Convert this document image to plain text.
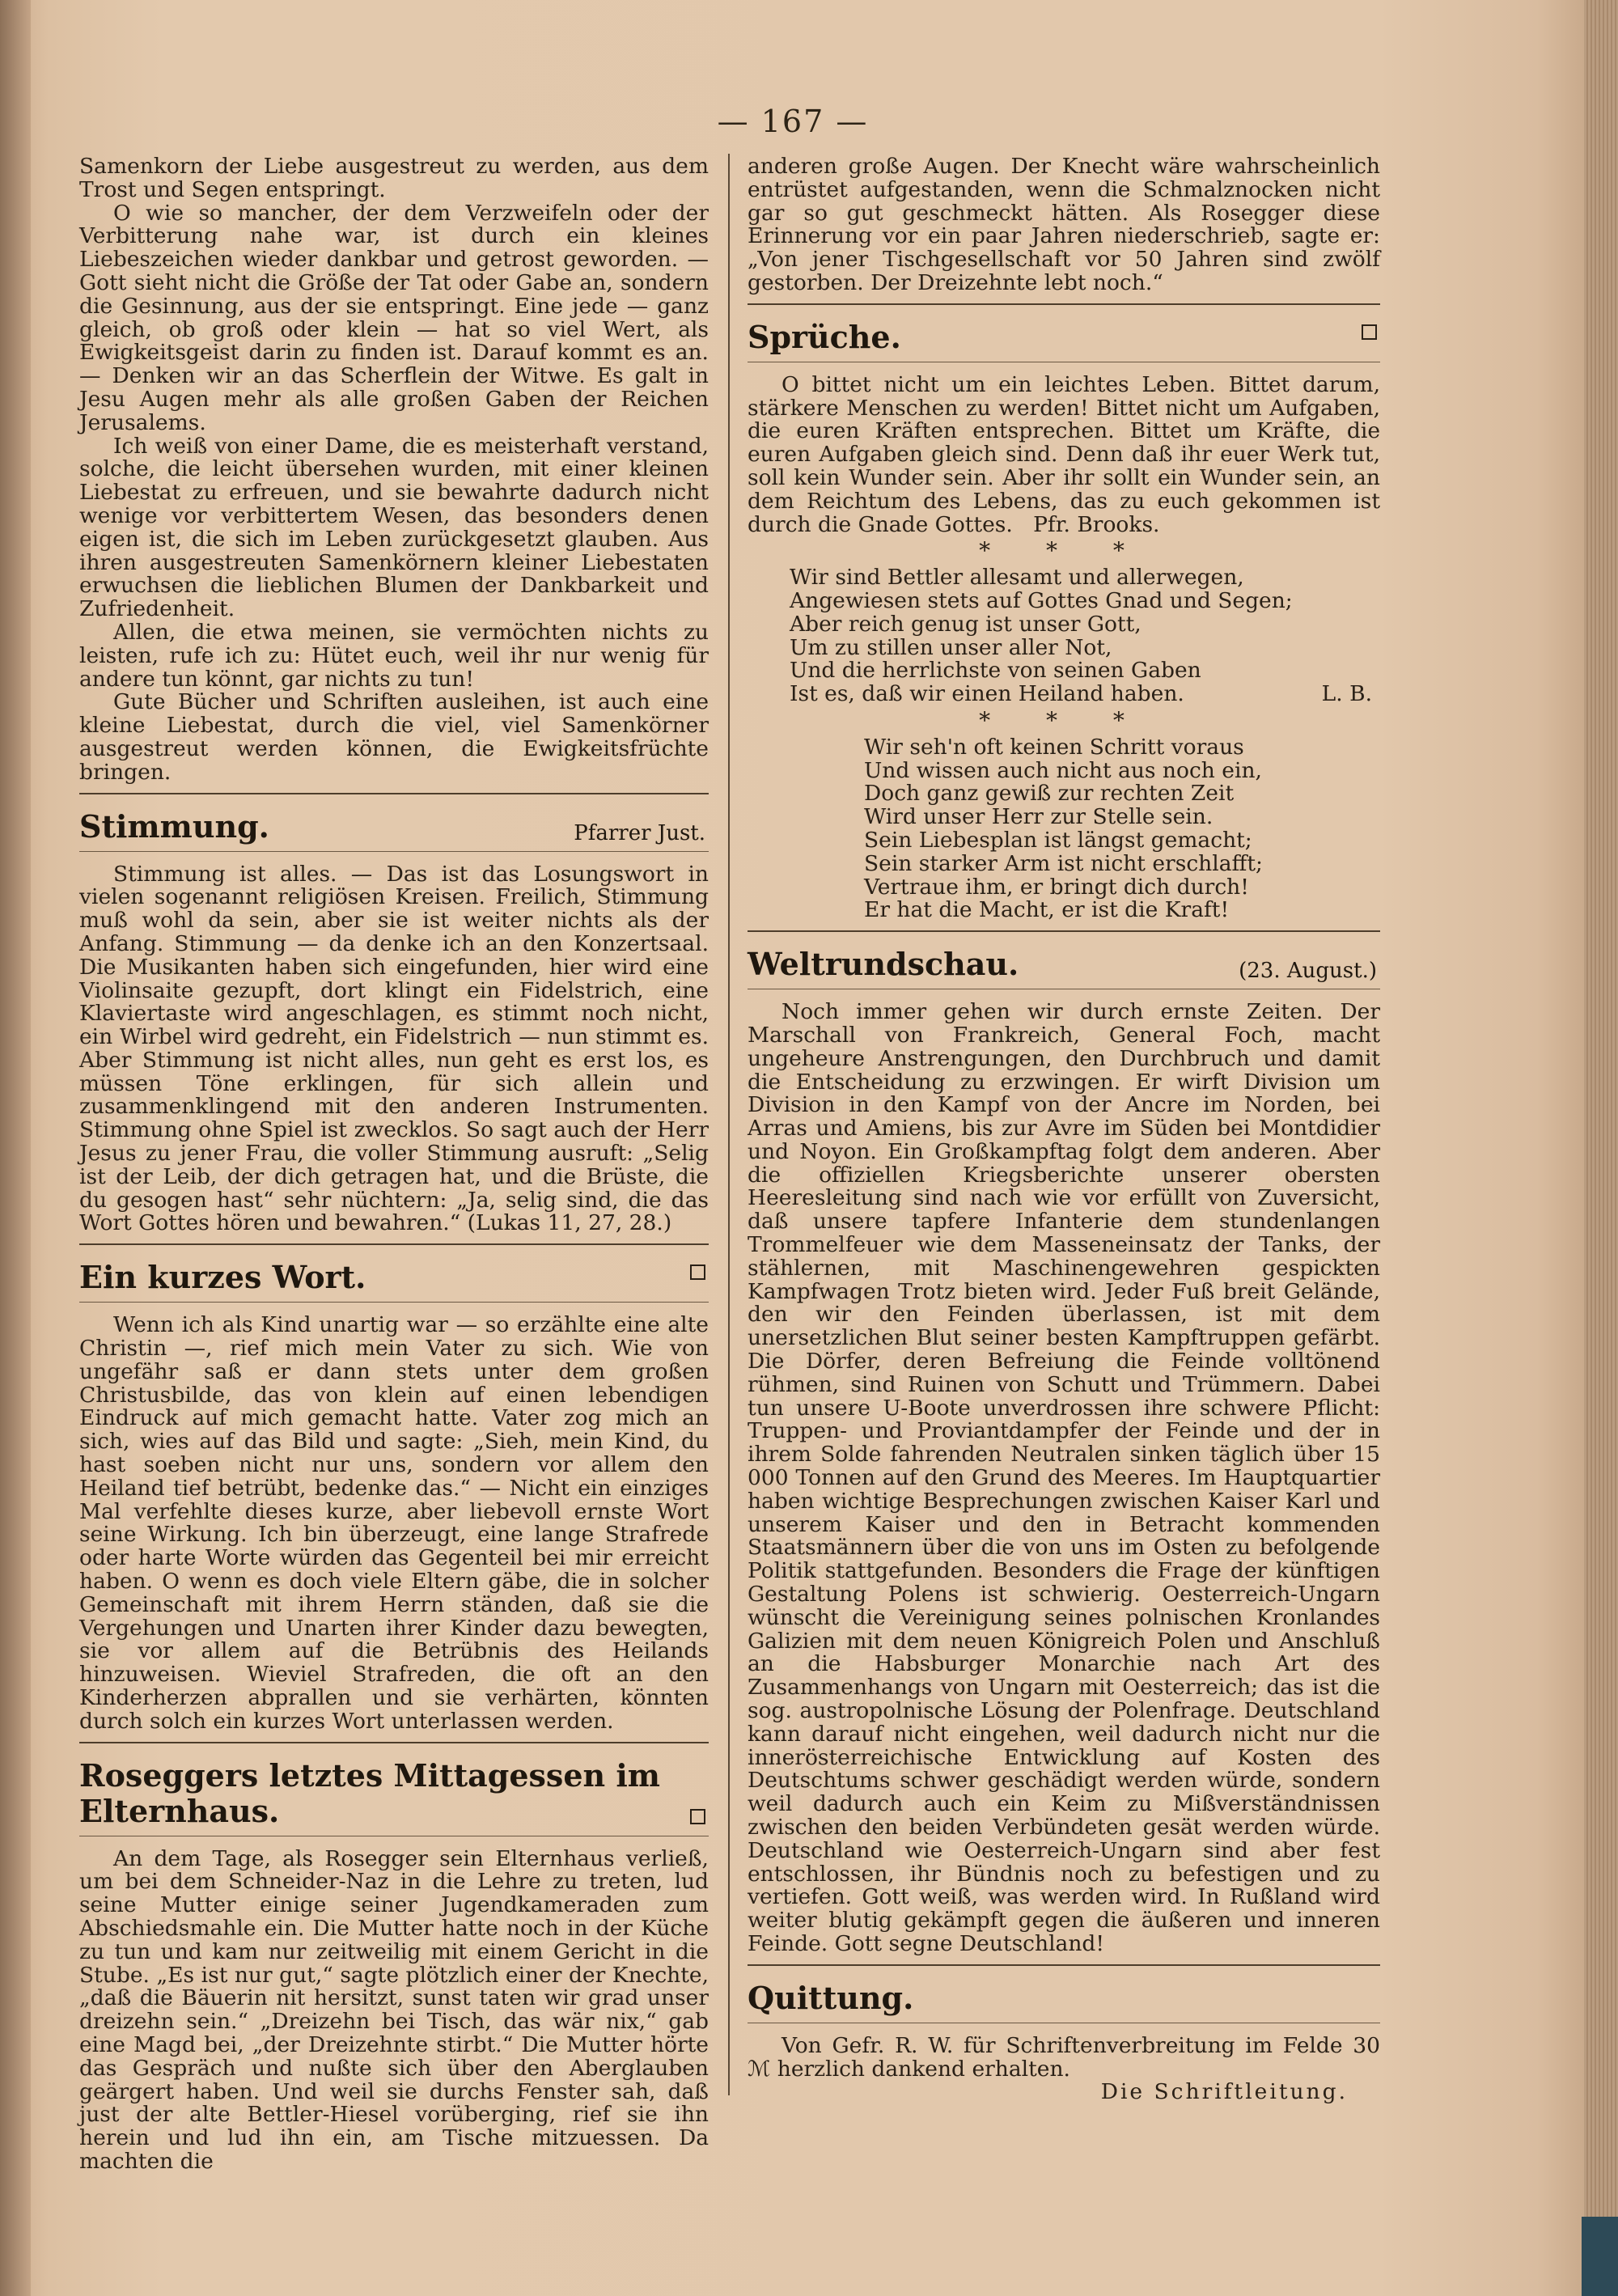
— 167 —

Samenkorn der Liebe ausgestreut zu werden, aus dem Trost und Segen entspringt.

O wie so mancher, der dem Verzweifeln oder der Verbitterung nahe war, ist durch ein kleines Liebeszeichen wieder dankbar und getrost geworden. — Gott sieht nicht die Größe der Tat oder Gabe an, sondern die Gesinnung, aus der sie entspringt. Eine jede — ganz gleich, ob groß oder klein — hat so viel Wert, als Ewigkeitsgeist darin zu finden ist. Darauf kommt es an. — Denken wir an das Scherflein der Witwe. Es galt in Jesu Augen mehr als alle großen Gaben der Reichen Jerusalems.

Ich weiß von einer Dame, die es meisterhaft verstand, solche, die leicht übersehen wurden, mit einer kleinen Liebestat zu erfreuen, und sie bewahrte dadurch nicht wenige vor verbittertem Wesen, das besonders denen eigen ist, die sich im Leben zurückgesetzt glauben. Aus ihren ausgestreuten Samenkörnern kleiner Liebestaten erwuchsen die lieblichen Blumen der Dankbarkeit und Zufriedenheit.

Allen, die etwa meinen, sie vermöchten nichts zu leisten, rufe ich zu: Hütet euch, weil ihr nur wenig für andere tun könnt, gar nichts zu tun!

Gute Bücher und Schriften ausleihen, ist auch eine kleine Liebestat, durch die viel, viel Samenkörner ausgestreut werden können, die Ewigkeitsfrüchte bringen.

Stimmung.	Pfarrer Just.

Stimmung ist alles. — Das ist das Losungswort in vielen sogenannt religiösen Kreisen. Freilich, Stimmung muß wohl da sein, aber sie ist weiter nichts als der Anfang. Stimmung — da denke ich an den Konzertsaal. Die Musikanten haben sich eingefunden, hier wird eine Violinsaite gezupft, dort klingt ein Fidelstrich, eine Klaviertaste wird angeschlagen, es stimmt noch nicht, ein Wirbel wird gedreht, ein Fidelstrich — nun stimmt es. Aber Stimmung ist nicht alles, nun geht es erst los, es müssen Töne erklingen, für sich allein und zusammenklingend mit den anderen Instrumenten. Stimmung ohne Spiel ist zwecklos. So sagt auch der Herr Jesus zu jener Frau, die voller Stimmung ausruft: „Selig ist der Leib, der dich getragen hat, und die Brüste, die du gesogen hast“ sehr nüchtern: „Ja, selig sind, die das Wort Gottes hören und bewahren.“ (Lukas 11, 27, 28.)

Ein kurzes Wort.

Wenn ich als Kind unartig war — so erzählte eine alte Christin —, rief mich mein Vater zu sich. Wie von ungefähr saß er dann stets unter dem großen Christusbilde, das von klein auf einen lebendigen Eindruck auf mich gemacht hatte. Vater zog mich an sich, wies auf das Bild und sagte: „Sieh, mein Kind, du hast soeben nicht nur uns, sondern vor allem den Heiland tief betrübt, bedenke das.“ — Nicht ein einziges Mal verfehlte dieses kurze, aber liebevoll ernste Wort seine Wirkung. Ich bin überzeugt, eine lange Strafrede oder harte Worte würden das Gegenteil bei mir erreicht haben. O wenn es doch viele Eltern gäbe, die in solcher Gemeinschaft mit ihrem Herrn ständen, daß sie die Vergehungen und Unarten ihrer Kinder dazu bewegten, sie vor allem auf die Betrübnis des Heilands hinzuweisen. Wieviel Strafreden, die oft an den Kinderherzen abprallen und sie verhärten, könnten durch solch ein kurzes Wort unterlassen werden.

Roseggers letztes Mittagessen im Elternhaus.

An dem Tage, als Rosegger sein Elternhaus verließ, um bei dem Schneider-Naz in die Lehre zu treten, lud seine Mutter einige seiner Jugendkameraden zum Abschiedsmahle ein. Die Mutter hatte noch in der Küche zu tun und kam nur zeitweilig mit einem Gericht in die Stube. „Es ist nur gut,“ sagte plötzlich einer der Knechte, „daß die Bäuerin nit hersitzt, sunst taten wir grad unser dreizehn sein.“ „Dreizehn bei Tisch, das wär nix,“ gab eine Magd bei, „der Dreizehnte stirbt.“ Die Mutter hörte das Gespräch und nußte sich über den Aberglauben geärgert haben. Und weil sie durchs Fenster sah, daß just der alte Bettler-Hiesel vorüberging, rief sie ihn herein und lud ihn ein, am Tische mitzuessen. Da machten die

anderen große Augen. Der Knecht wäre wahrscheinlich entrüstet aufgestanden, wenn die Schmalznocken nicht gar so gut geschmeckt hätten. Als Rosegger diese Erinnerung vor ein paar Jahren niederschrieb, sagte er: „Von jener Tischgesellschaft vor 50 Jahren sind zwölf gestorben. Der Dreizehnte lebt noch.“

Sprüche.

O bittet nicht um ein leichtes Leben. Bittet darum, stärkere Menschen zu werden! Bittet nicht um Aufgaben, die euren Kräften entsprechen. Bittet um Kräfte, die euren Aufgaben gleich sind. Denn daß ihr euer Werk tut, soll kein Wunder sein. Aber ihr sollt ein Wunder sein, an dem Reichtum des Lebens, das zu euch gekommen ist durch die Gnade Gottes. Pfr. Brooks.

* * *
Wir sind Bettler allesamt und allerwegen,
Angewiesen stets auf Gottes Gnad und Segen;
Aber reich genug ist unser Gott,
Um zu stillen unser aller Not,
Und die herrlichste von seinen Gaben
Ist es, daß wir einen Heiland haben.	L. B.
* * *
Wir seh'n oft keinen Schritt voraus
Und wissen auch nicht aus noch ein,
Doch ganz gewiß zur rechten Zeit
Wird unser Herr zur Stelle sein.
Sein Liebesplan ist längst gemacht;
Sein starker Arm ist nicht erschlafft;
Vertraue ihm, er bringt dich durch!
Er hat die Macht, er ist die Kraft!
Weltrundschau.	(23. August.)

Noch immer gehen wir durch ernste Zeiten. Der Marschall von Frankreich, General Foch, macht ungeheure Anstrengungen, den Durchbruch und damit die Entscheidung zu erzwingen. Er wirft Division um Division in den Kampf von der Ancre im Norden, bei Arras und Amiens, bis zur Avre im Süden bei Montdidier und Noyon. Ein Großkampftag folgt dem anderen. Aber die offiziellen Kriegsberichte unserer obersten Heeresleitung sind nach wie vor erfüllt von Zuversicht, daß unsere tapfere Infanterie dem stundenlangen Trommelfeuer wie dem Masseneinsatz der Tanks, der stählernen, mit Maschinengewehren gespickten Kampfwagen Trotz bieten wird. Jeder Fuß breit Gelände, den wir den Feinden überlassen, ist mit dem unersetzlichen Blut seiner besten Kampftruppen gefärbt. Die Dörfer, deren Befreiung die Feinde volltönend rühmen, sind Ruinen von Schutt und Trümmern. Dabei tun unsere U-Boote unverdrossen ihre schwere Pflicht: Truppen- und Proviantdampfer der Feinde und der in ihrem Solde fahrenden Neutralen sinken täglich über 15 000 Tonnen auf den Grund des Meeres. Im Hauptquartier haben wichtige Besprechungen zwischen Kaiser Karl und unserem Kaiser und den in Betracht kommenden Staatsmännern über die von uns im Osten zu befolgende Politik stattgefunden. Besonders die Frage der künftigen Gestaltung Polens ist schwierig. Oesterreich-Ungarn wünscht die Vereinigung seines polnischen Kronlandes Galizien mit dem neuen Königreich Polen und Anschluß an die Habsburger Monarchie nach Art des Zusammenhangs von Ungarn mit Oesterreich; das ist die sog. austropolnische Lösung der Polenfrage. Deutschland kann darauf nicht eingehen, weil dadurch nicht nur die innerösterreichische Entwicklung auf Kosten des Deutschtums schwer geschädigt werden würde, sondern weil dadurch auch ein Keim zu Mißverständnissen zwischen den beiden Verbündeten gesät werden würde. Deutschland wie Oesterreich-Ungarn sind aber fest entschlossen, ihr Bündnis noch zu befestigen und zu vertiefen. Gott weiß, was werden wird. In Rußland wird weiter blutig gekämpft gegen die äußeren und inneren Feinde. Gott segne Deutschland!

Quittung.

Von Gefr. R. W. für Schriftenverbreitung im Felde 30 ℳ herzlich dankend erhalten.

Die Schriftleitung.
